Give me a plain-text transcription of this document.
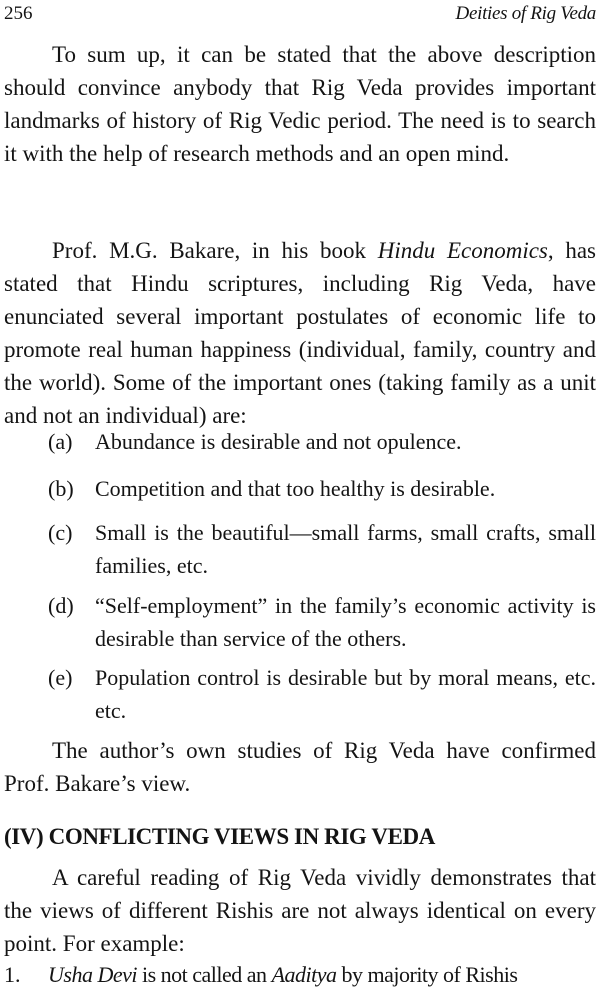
256	Deities of Rig Veda

To sum up, it can be stated that the above description should convince anybody that Rig Veda provides important landmarks of history of Rig Vedic period. The need is to search it with the help of research methods and an open mind.

Prof. M.G. Bakare, in his book Hindu Economics, has stated that Hindu scriptures, including Rig Veda, have enunciated several important postulates of economic life to promote real human happiness (individual, family, country and the world). Some of the important ones (taking family as a unit and not an individual) are:

(a)	Abundance is desirable and not opulence.
(b) Competition and that too healthy is desirable.
(c)	Small is the beautiful—small farms, small crafts, small families, etc.
(d) “Self-employment” in the family’s economic activity is desirable than service of the others.
(e)	Population control is desirable but by moral means, etc. etc.

The author’s own studies of Rig Veda have confirmed Prof. Bakare’s view.

(IV) CONFLICTING VIEWS IN RIG VEDA

A careful reading of Rig Veda vividly demonstrates that the views of different Rishis are not always identical on every point. For example:

1. Usha Devi is not called an Aaditya by majority of Rishis
